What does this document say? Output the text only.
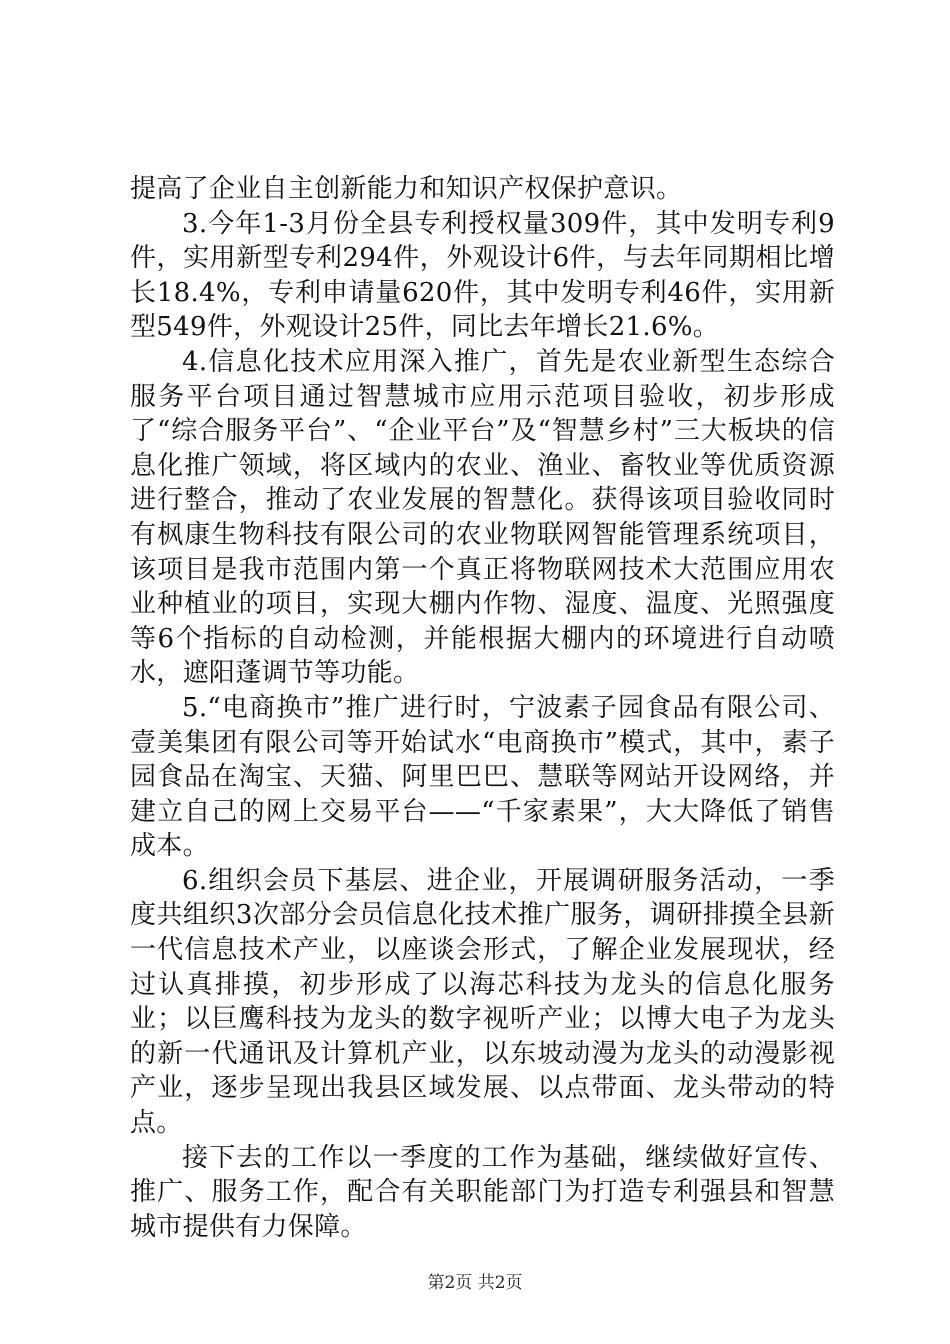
提高了企业自主创新能力和知识产权保护意识。

3.今年1-3月份全县专利授权量309件，其中发明专利9件，实用新型专利294件，外观设计6件，与去年同期相比增长18.4%，专利申请量620件，其中发明专利46件，实用新型549件，外观设计25件，同比去年增长21.6%。

4.信息化技术应用深入推广，首先是农业新型生态综合服务平台项目通过智慧城市应用示范项目验收，初步形成了“综合服务平台”、“企业平台”及“智慧乡村”三大板块的信息化推广领域，将区域内的农业、渔业、畜牧业等优质资源进行整合，推动了农业发展的智慧化。获得该项目验收同时有枫康生物科技有限公司的农业物联网智能管理系统项目，该项目是我市范围内第一个真正将物联网技术大范围应用农业种植业的项目，实现大棚内作物、湿度、温度、光照强度等6个指标的自动检测，并能根据大棚内的环境进行自动喷水，遮阳蓬调节等功能。

5.“电商换市”推广进行时，宁波素子园食品有限公司、壹美集团有限公司等开始试水“电商换市”模式，其中，素子园食品在淘宝、天猫、阿里巴巴、慧联等网站开设网络，并建立自己的网上交易平台——“千家素果”，大大降低了销售成本。

6.组织会员下基层、进企业，开展调研服务活动，一季度共组织3次部分会员信息化技术推广服务，调研排摸全县新一代信息技术产业，以座谈会形式，了解企业发展现状，经过认真排摸，初步形成了以海芯科技为龙头的信息化服务业；以巨鹰科技为龙头的数字视听产业；以博大电子为龙头的新一代通讯及计算机产业，以东坡动漫为龙头的动漫影视产业，逐步呈现出我县区域发展、以点带面、龙头带动的特点。

接下去的工作以一季度的工作为基础，继续做好宣传、推广、服务工作，配合有关职能部门为打造专利强县和智慧城市提供有力保障。

第2页 共2页
